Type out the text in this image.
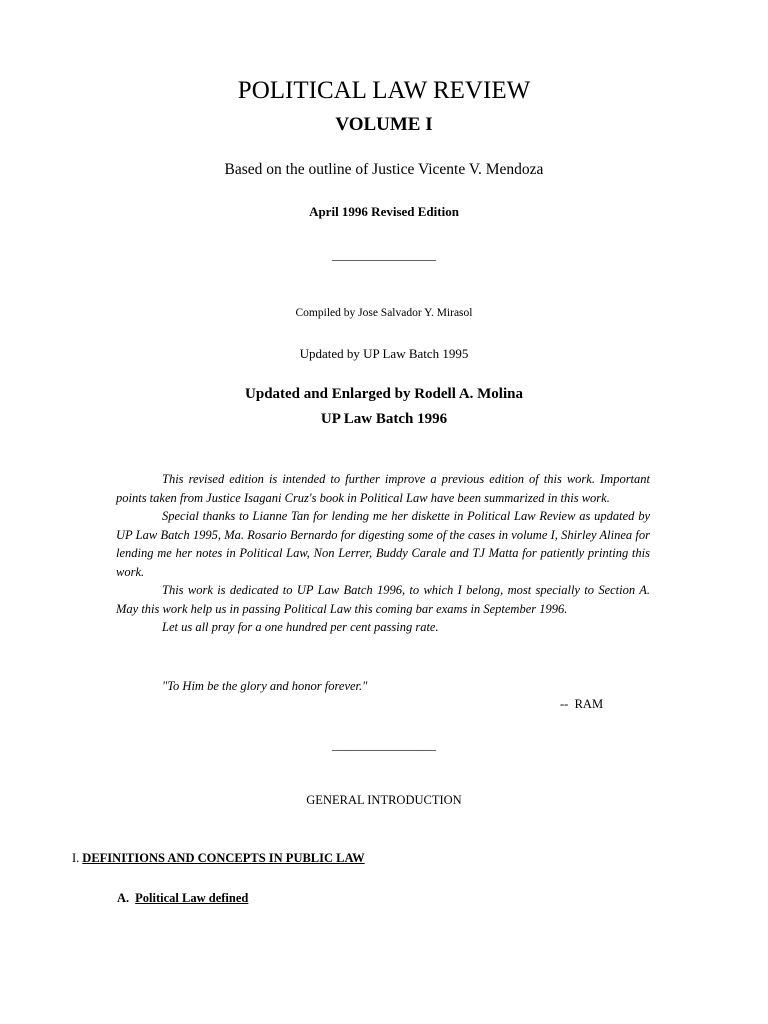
POLITICAL LAW REVIEW
VOLUME I
Based on the outline of Justice Vicente V. Mendoza
April 1996 Revised Edition
________________
Compiled by Jose Salvador Y. Mirasol
Updated by UP Law Batch 1995
Updated and Enlarged by Rodell A. Molina
UP Law Batch 1996

This revised edition is intended to further improve a previous edition of this work. Important points taken from Justice Isagani Cruz's book in Political Law have been summarized in this work.

Special thanks to Lianne Tan for lending me her diskette in Political Law Review as updated by UP Law Batch 1995, Ma. Rosario Bernardo for digesting some of the cases in volume I, Shirley Alinea for lending me her notes in Political Law, Non Lerrer, Buddy Carale and TJ Matta for patiently printing this work.

This work is dedicated to UP Law Batch 1996, to which I belong, most specially to Section A. May this work help us in passing Political Law this coming bar exams in September 1996.

Let us all pray for a one hundred per cent passing rate.

"To Him be the glory and honor forever."
--  RAM
________________
GENERAL INTRODUCTION
I. DEFINITIONS AND CONCEPTS IN PUBLIC LAW
A. Political Law defined
